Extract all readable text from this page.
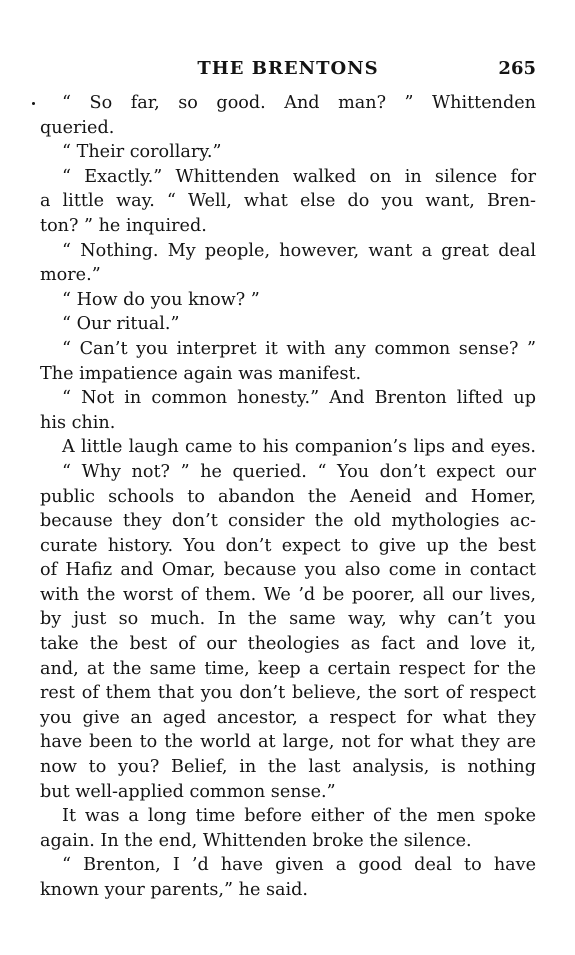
THE BRENTONS	265
“ So far, so good. And man? ” Whittenden
queried.
“ Their corollary.”
“ Exactly.” Whittenden walked on in silence for
a little way. “ Well, what else do you want, Bren-
ton? ” he inquired.
“ Nothing. My people, however, want a great deal
more.”
“ How do you know? ”
“ Our ritual.”
“ Can’t you interpret it with any common sense? ”
The impatience again was manifest.
“ Not in common honesty.” And Brenton lifted up
his chin.
A little laugh came to his companion’s lips and eyes.
“ Why not? ” he queried. “ You don’t expect our
public schools to abandon the Aeneid and Homer,
because they don’t consider the old mythologies ac-
curate history. You don’t expect to give up the best
of Hafiz and Omar, because you also come in contact
with the worst of them. We ’d be poorer, all our lives,
by just so much. In the same way, why can’t you
take the best of our theologies as fact and love it,
and, at the same time, keep a certain respect for the
rest of them that you don’t believe, the sort of respect
you give an aged ancestor, a respect for what they
have been to the world at large, not for what they are
now to you? Belief, in the last analysis, is nothing
but well-applied common sense.”
It was a long time before either of the men spoke
again. In the end, Whittenden broke the silence.
“ Brenton, I ’d have given a good deal to have
known your parents,” he said.
